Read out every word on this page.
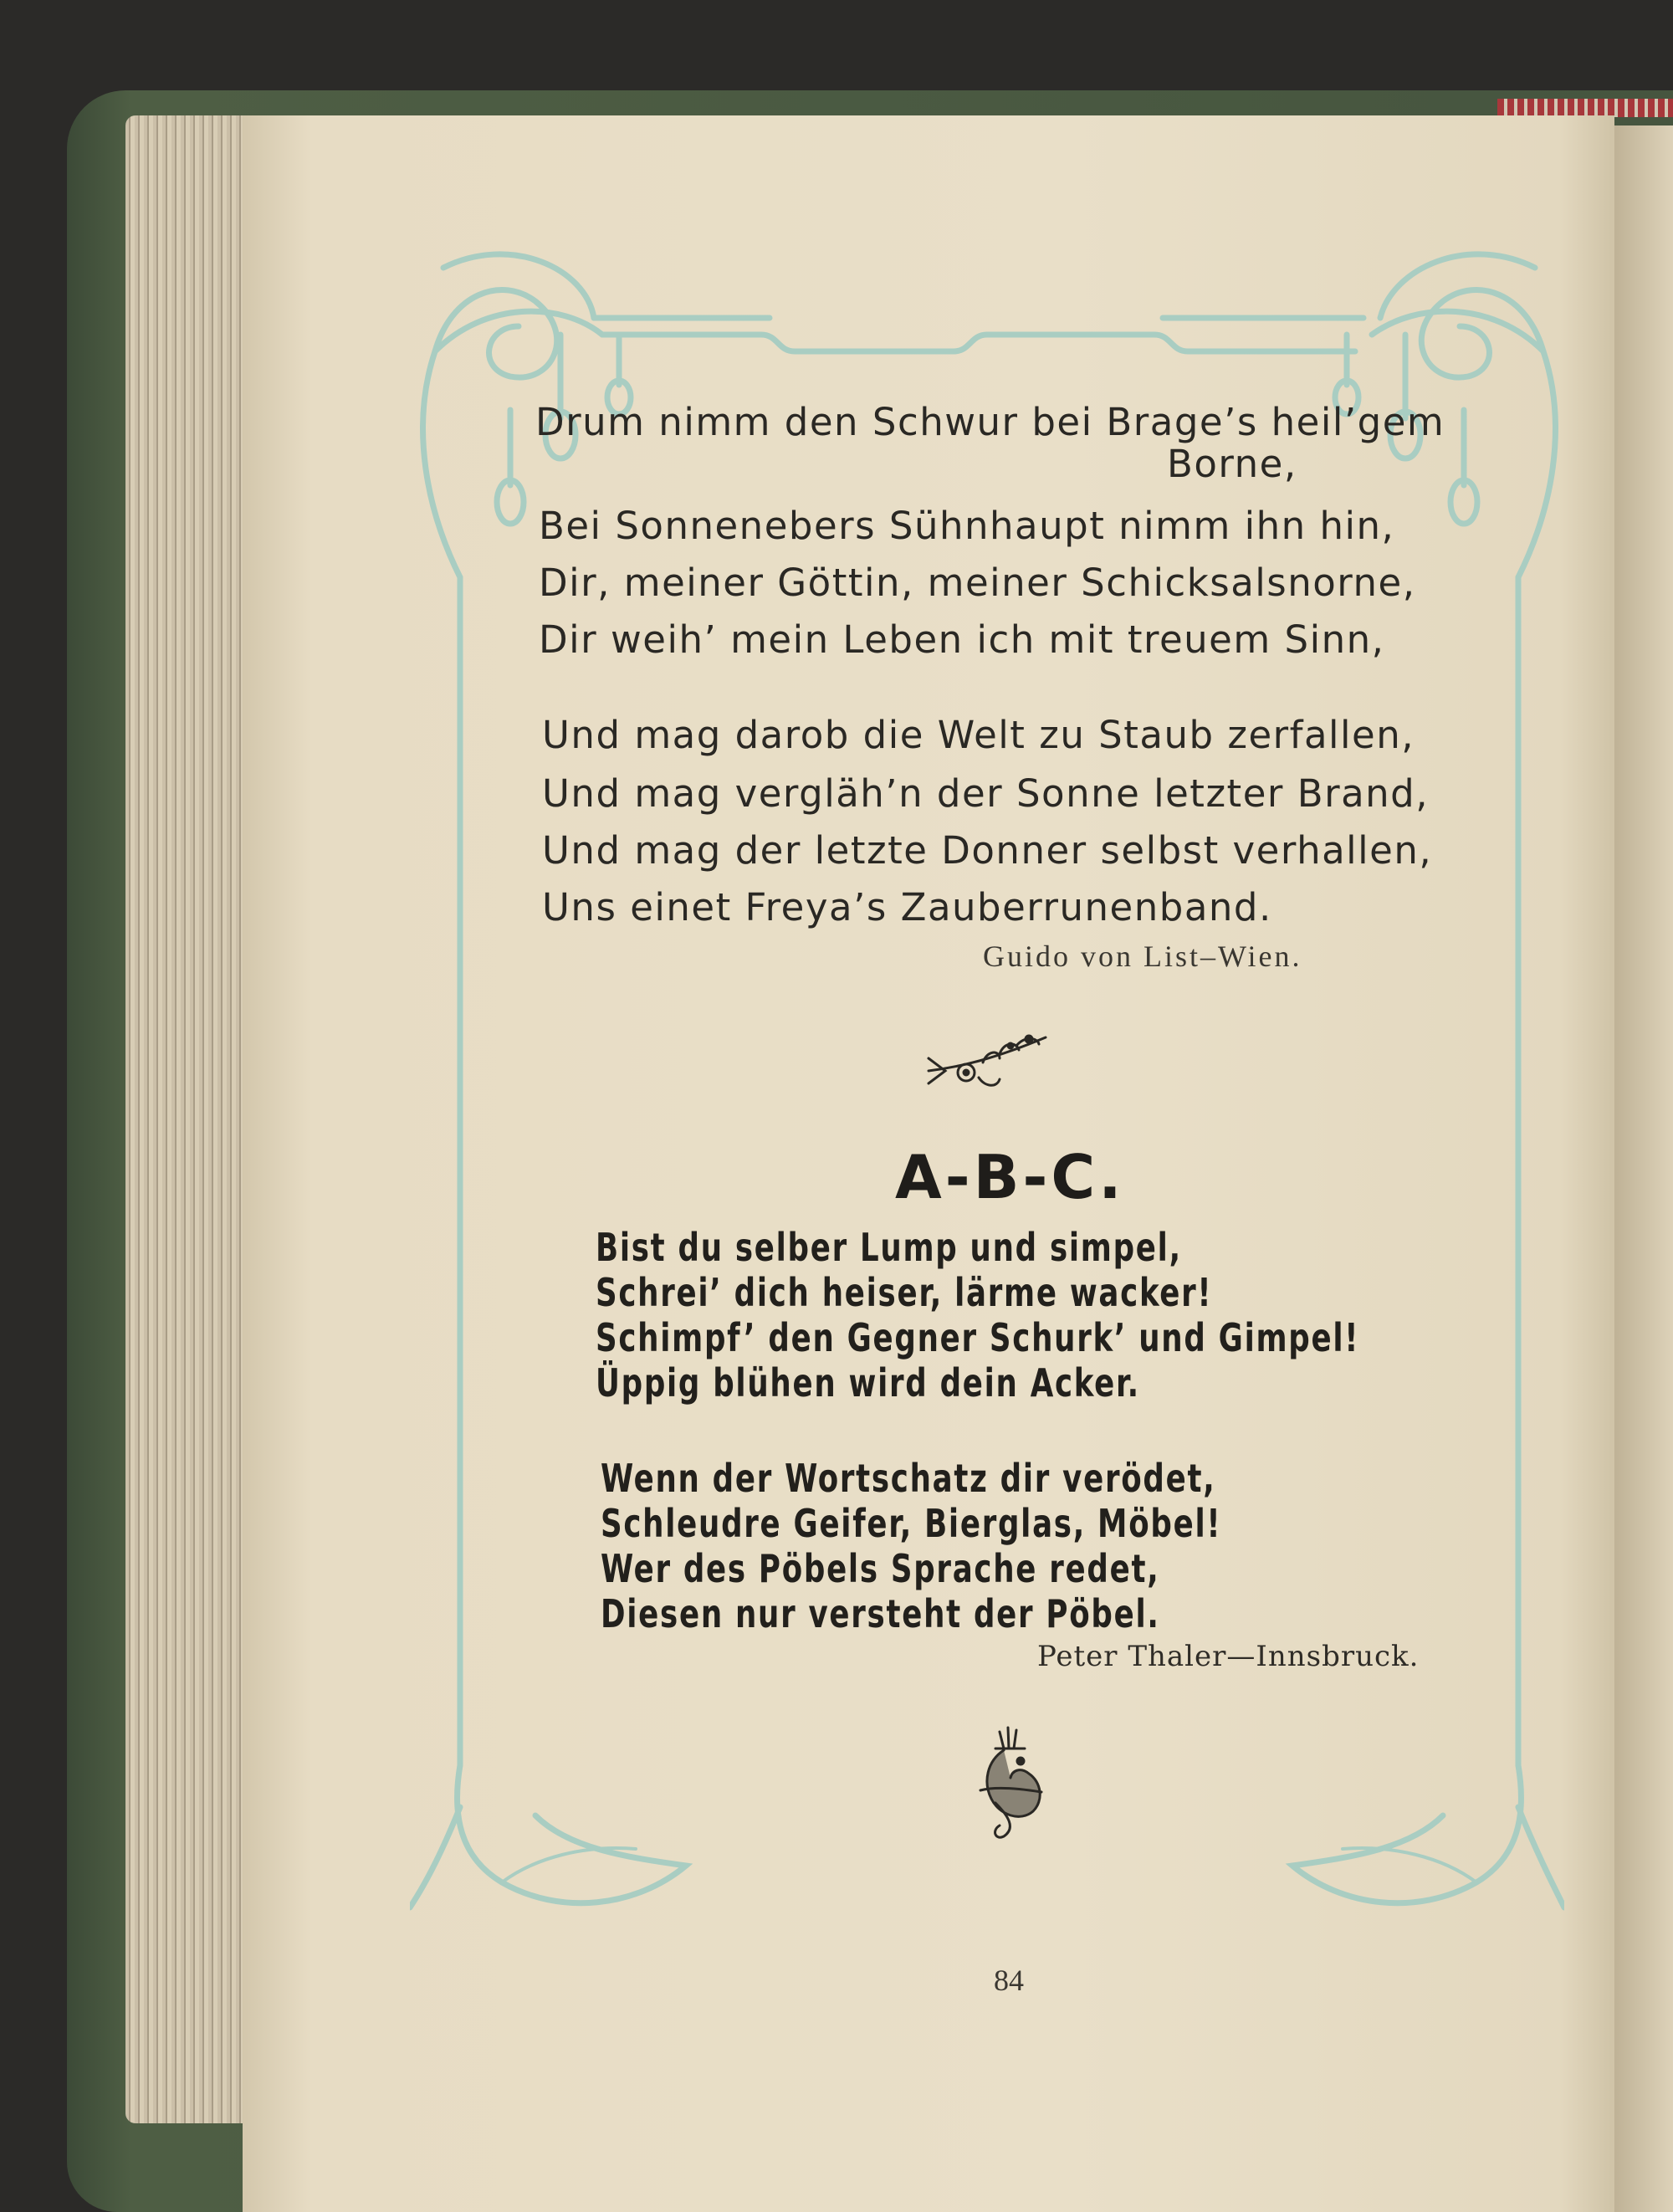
Drum nimm den Schwur bei Brage’s heil’gem
Borne,
Bei Sonnenebers Sühnhaupt nimm ihn hin,
Dir, meiner Göttin, meiner Schicksalsnorne,
Dir weih’ mein Leben ich mit treuem Sinn,
Und mag darob die Welt zu Staub zerfallen,
Und mag vergläh’n der Sonne letzter Brand,
Und mag der letzte Donner selbst verhallen,
Uns einet Freya’s Zauberrunenband.
Guido von List–Wien.
A-B-C.
Bist du selber Lump und simpel,
Schrei’ dich heiser, lärme wacker!
Schimpf’ den Gegner Schurk’ und Gimpel!
Üppig blühen wird dein Acker.
Wenn der Wortschatz dir verödet,
Schleudre Geifer, Bierglas, Möbel!
Wer des Pöbels Sprache redet,
Diesen nur versteht der Pöbel.
Peter Thaler—Innsbruck.
84
